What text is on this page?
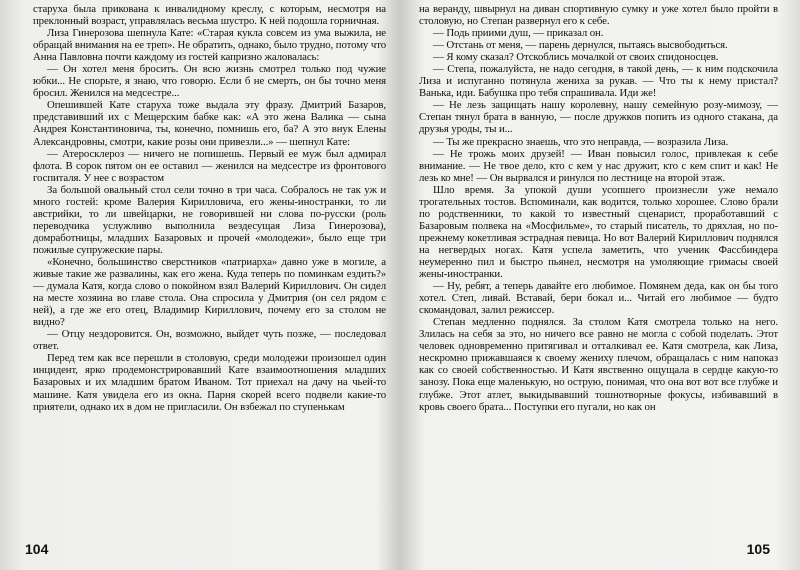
старуха была прикована к инвалидному креслу, с которым, несмотря на преклонный возраст, управлялась весьма шустро. К ней подошла горничная.

Лиза Гинерозова шепнула Кате: «Старая кукла совсем из ума выжила, не обращай внимания на ее треп». Не обратить, однако, было трудно, потому что Анна Павловна почти каждому из гостей капризно жаловалась:

— Он хотел меня бросить. Он всю жизнь смотрел только под чужие юбки... Не спорьте, я знаю, что говорю. Если б не смерть, он бы точно меня бросил. Женился на медсестре...

Опешившей Кате старуха тоже выдала эту фразу. Дмитрий Базаров, представивший их с Мещерским бабке как: «А это жена Валика — сына Андрея Константиновича, ты, конечно, помнишь его, ба? А это внук Елены Александровны, смотри, какие розы они привезли...» — шепнул Кате:

— Атеросклероз — ничего не попишешь. Первый ее муж был адмирал флота. В сорок пятом он ее оставил — женился на медсестре из фронтового госпиталя. У нее с возрастом

За большой овальный стол сели точно в три часа. Собралось не так уж и много гостей: кроме Валерия Кирилловича, его жены-иностранки, то ли австрийки, то ли швейцарки, не говорившей ни слова по-русски (роль переводчика услужливо выполнила вездесущая Лиза Гинерозова), домработницы, младших Базаровых и прочей «молодежи», было еще три пожилые супружеские пары.

«Конечно, большинство сверстников «патриарха» давно уже в могиле, а живые такие же развалины, как его жена. Куда теперь по поминкам ездить?» — думала Катя, когда слово о покойном взял Валерий Кириллович. Он сидел на месте хозяина во главе стола. Она спросила у Дмитрия (он сел рядом с ней), а где же его отец, Владимир Кириллович, почему его за столом не видно?

— Отцу нездоровится. Он, возможно, выйдет чуть позже, — последовал ответ.

Перед тем как все перешли в столовую, среди молодежи произошел один инцидент, ярко продемонстрировавший Кате взаимоотношения младших Базаровых и их младшим братом Иваном. Тот приехал на дачу на чьей-то машине. Катя увидела его из окна. Парня скорей всего подвели какие-то приятели, однако их в дом не пригласили. Он взбежал по ступенькам

104

на веранду, швырнул на диван спортивную сумку и уже хотел было пройти в столовую, но Степан развернул его к себе.

— Подь приими душ, — приказал он.

— Отстань от меня, — парень дернулся, пытаясь высвободиться.

— Я кому сказал? Отскоблись мочалкой от своих спидоносцев.

— Степа, пожалуйста, не надо сегодня, в такой день, — к ним подскочила Лиза и испуганно потянула жениха за рукав. — Что ты к нему пристал? Ванька, иди. Бабушка про тебя спрашивала. Иди же!

— Не лезь защищать нашу королевну, нашу семейную розу-мимозу, — Степан тянул брата в ванную, — после дружков попить из одного стакана, да друзья уроды, ты и...

— Ты же прекрасно знаешь, что это неправда, — возразила Лиза.

— Не трожь моих друзей! — Иван повысил голос, привлекая к себе внимание. — Не твое дело, кто с кем у нас дружит, кто с кем спит и как! Не лезь ко мне! — Он вырвался и ринулся по лестнице на второй этаж.

Шло время. За упокой души усопшего произнесли уже немало трогательных тостов. Вспоминали, как водится, только хорошее. Слово брали по родственники, то какой то известный сценарист, проработавший с Базаровым полвека на «Мосфильме», то старый писатель, то дряхлая, но по-прежнему кокетливая эстрадная певица. Но вот Валерий Кириллович поднялся на негвердых ногах. Катя успела заметить, что ученик Фассбиндера неумеренно пил и быстро пьянел, несмотря на умоляющие гримасы своей жены-иностранки.

— Ну, ребят, а теперь давайте его любимое. Помянем деда, как он бы того хотел. Степ, ливай. Вставай, бери бокал и... Читай его любимое — будто скомандовал, залил режиссер.

Степан медленно поднялся. За столом Катя смотрела только на него. Злилась на себя за это, но ничего все равно не могла с собой поделать. Этот человек одновременно притягивал и отталкивал ее. Катя смотрела, как Лиза, нескромно прижавшаяся к своему жениху плечом, обращалась с ним напоказ как со своей собственностью. И Катя явственно ощущала в сердце какую-то занозу. Пока еще маленькую, но острую, понимая, что она вот вот все глубже и глубже. Этот атлет, выкидывавший тошнотворные фокусы, избивавший в кровь своего брата... Поступки его пугали, но как он

105
